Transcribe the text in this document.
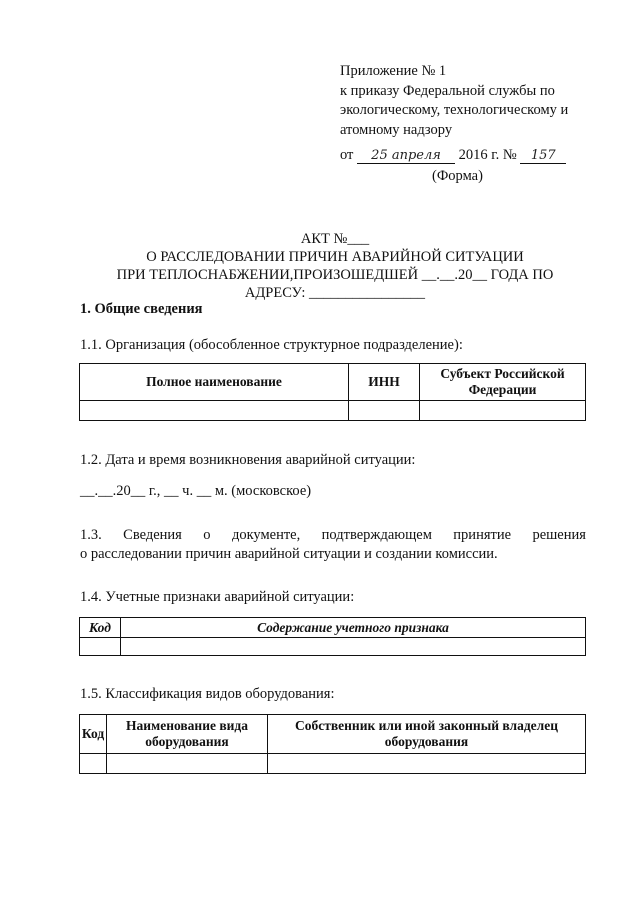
Приложение № 1
к приказу Федеральной службы по
экологическому, технологическому и
атомному надзору
от 25 апреля 2016 г. № 157
(Форма)
АКТ №___
О РАССЛЕДОВАНИИ ПРИЧИН АВАРИЙНОЙ СИТУАЦИИ
ПРИ ТЕПЛОСНАБЖЕНИИ,ПРОИЗОШЕДШЕЙ __.__.20__ ГОДА ПО
АДРЕСУ: ________________
1. Общие сведения
1.1. Организация (обособленное структурное подразделение):
Полное наименование	ИНН	Субъект Российской Федерации

1.2. Дата и время возникновения аварийной ситуации:
__.__.20__ г., __ ч. __ м. (московское)
1.3. Сведения о документе, подтверждающем принятие решения
о расследовании причин аварийной ситуации и создании комиссии.
1.4. Учетные признаки аварийной ситуации:
Код	Содержание учетного признака

1.5. Классификация видов оборудования:
Код	Наименование вида оборудования	Собственник или иной законный владелец оборудования
